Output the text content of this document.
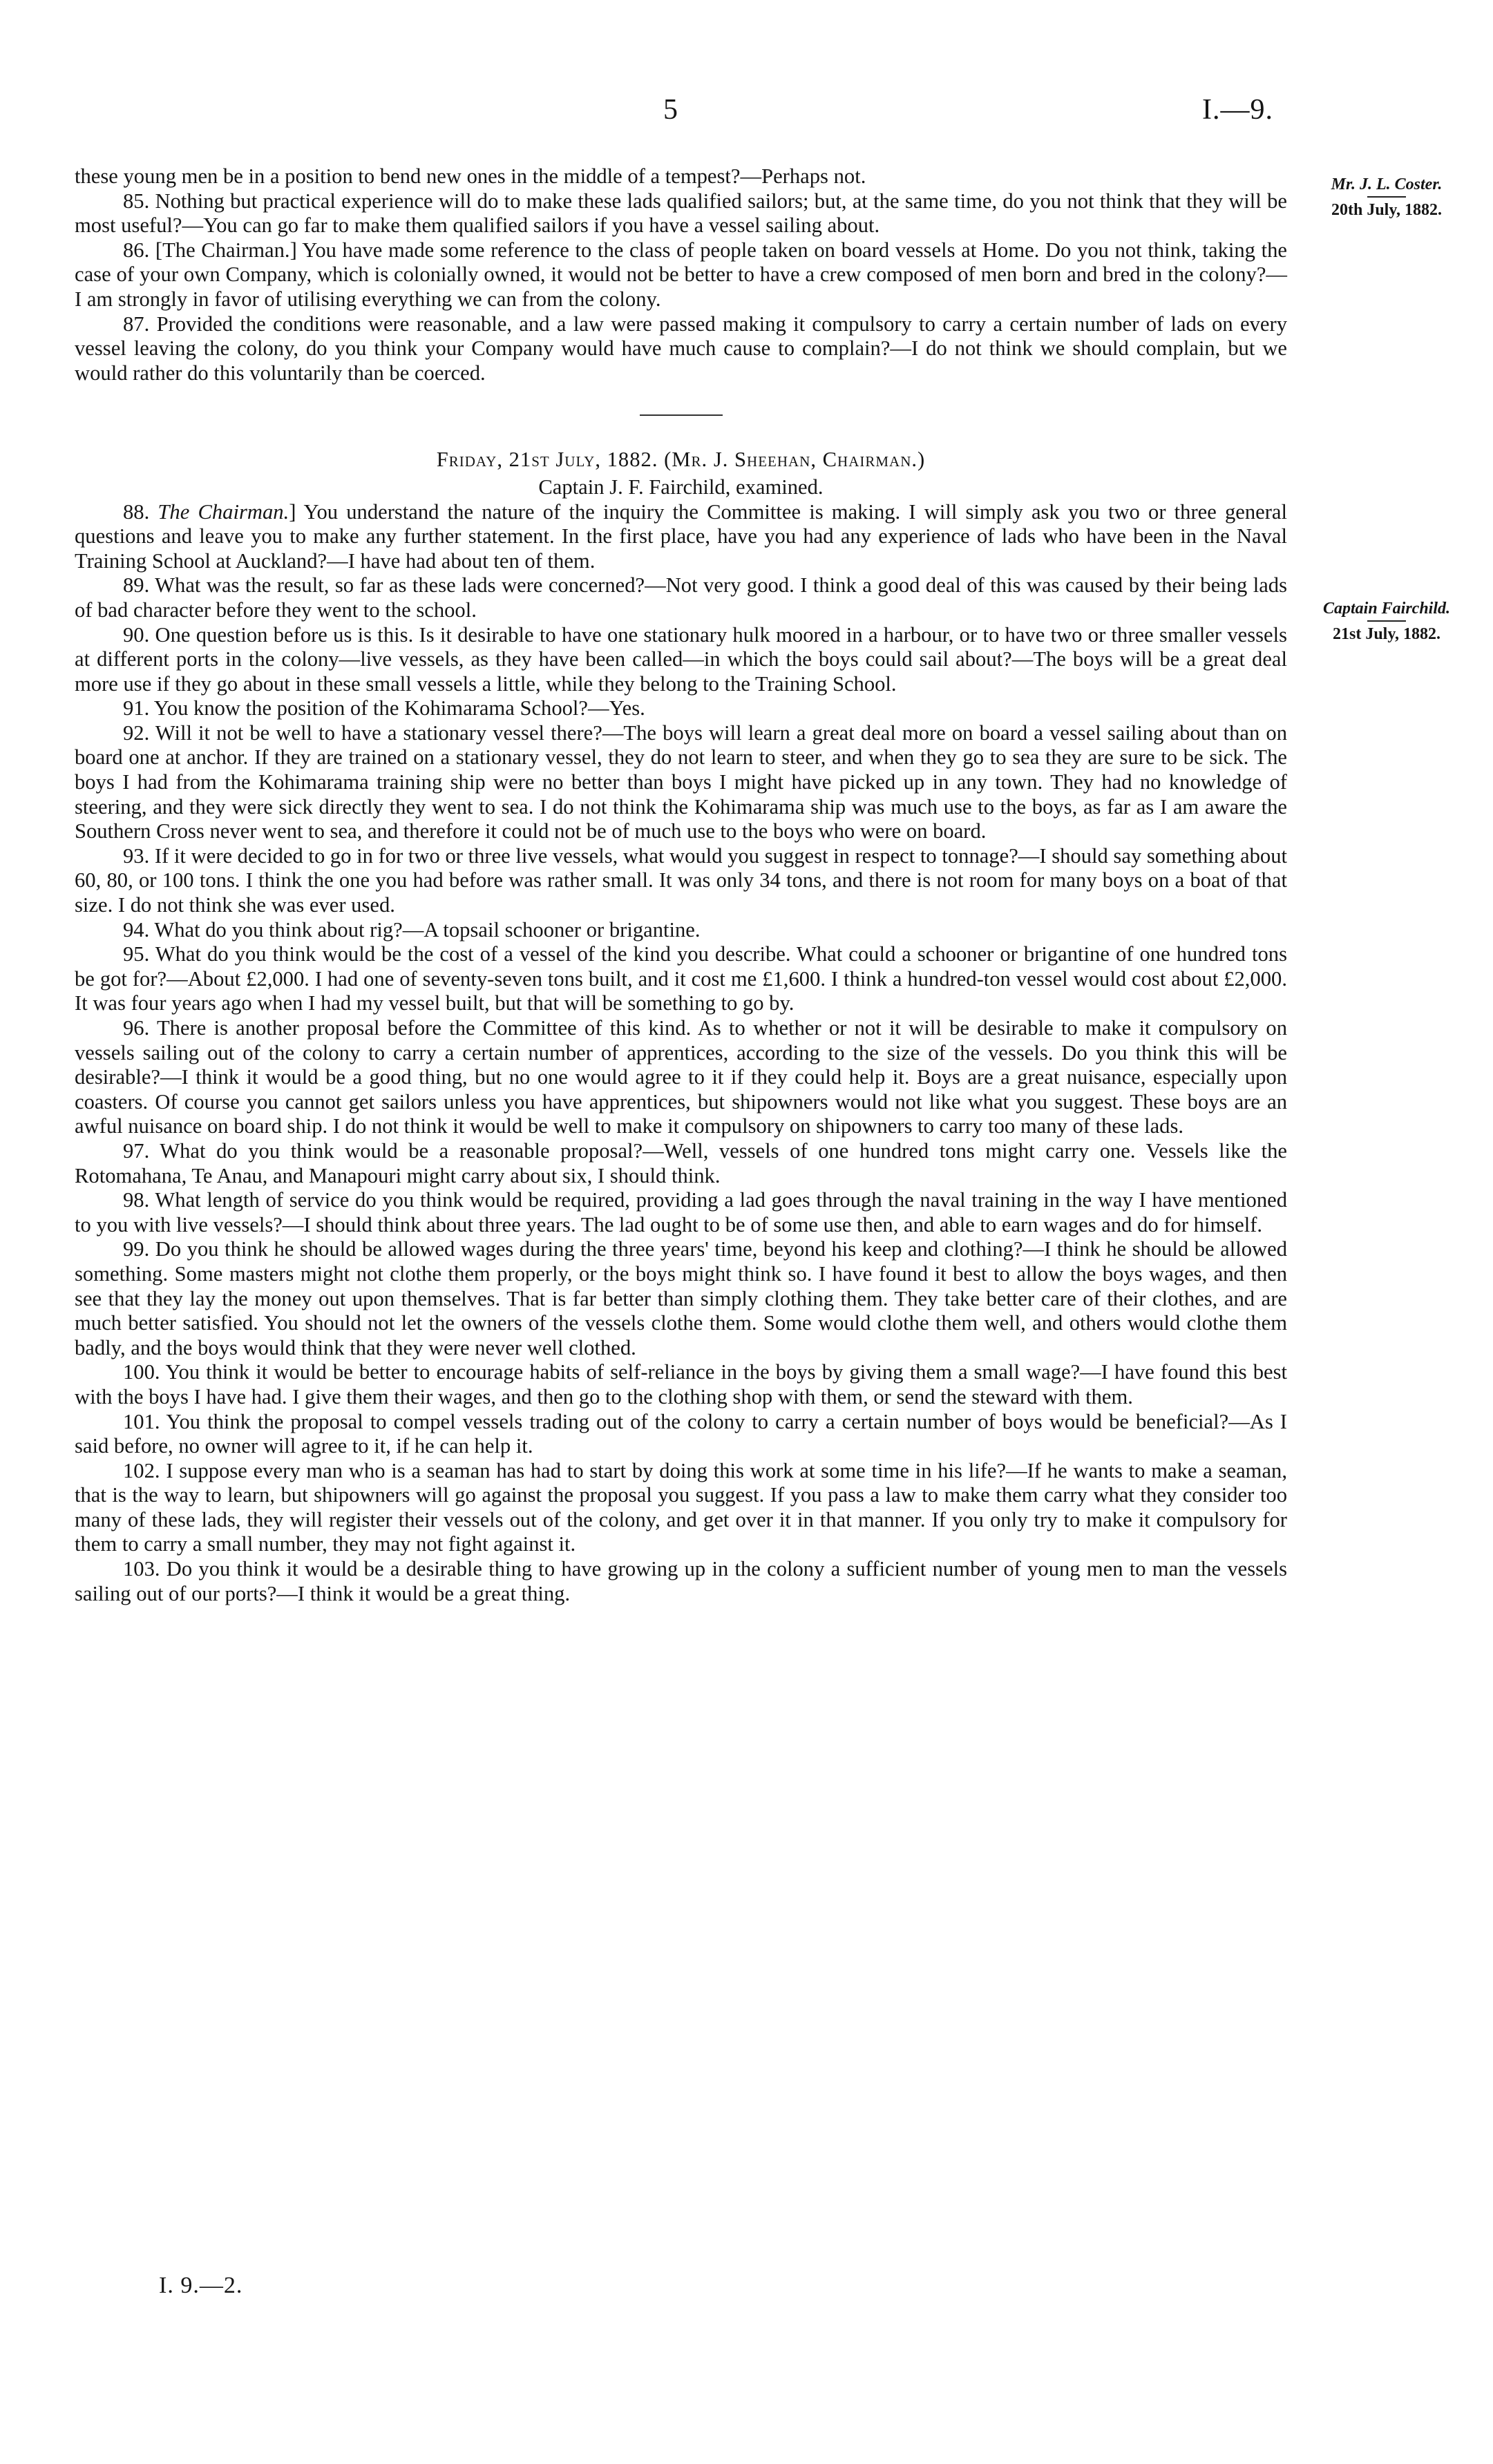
5	I.—9.
Mr. J. L. Coster.
20th July, 1882.
Captain Fairchild.
21st July, 1882.

these young men be in a position to bend new ones in the middle of a tempest?—Perhaps not.

85. Nothing but practical experience will do to make these lads qualified sailors; but, at the same time, do you not think that they will be most useful?—You can go far to make them qualified sailors if you have a vessel sailing about.

86. [The Chairman.] You have made some reference to the class of people taken on board vessels at Home. Do you not think, taking the case of your own Company, which is colonially owned, it would not be better to have a crew composed of men born and bred in the colony?—I am strongly in favor of utilising everything we can from the colony.

87. Provided the conditions were reasonable, and a law were passed making it compulsory to carry a certain number of lads on every vessel leaving the colony, do you think your Company would have much cause to complain?—I do not think we should complain, but we would rather do this voluntarily than be coerced.

Friday, 21st July, 1882. (Mr. J. Sheehan, Chairman.)

Captain J. F. Fairchild, examined.

88. The Chairman.] You understand the nature of the inquiry the Committee is making. I will simply ask you two or three general questions and leave you to make any further statement. In the first place, have you had any experience of lads who have been in the Naval Training School at Auckland?—I have had about ten of them.

89. What was the result, so far as these lads were concerned?—Not very good. I think a good deal of this was caused by their being lads of bad character before they went to the school.

90. One question before us is this. Is it desirable to have one stationary hulk moored in a harbour, or to have two or three smaller vessels at different ports in the colony—live vessels, as they have been called—in which the boys could sail about?—The boys will be a great deal more use if they go about in these small vessels a little, while they belong to the Training School.

91. You know the position of the Kohimarama School?—Yes.

92. Will it not be well to have a stationary vessel there?—The boys will learn a great deal more on board a vessel sailing about than on board one at anchor. If they are trained on a stationary vessel, they do not learn to steer, and when they go to sea they are sure to be sick. The boys I had from the Kohimarama training ship were no better than boys I might have picked up in any town. They had no knowledge of steering, and they were sick directly they went to sea. I do not think the Kohimarama ship was much use to the boys, as far as I am aware the Southern Cross never went to sea, and therefore it could not be of much use to the boys who were on board.

93. If it were decided to go in for two or three live vessels, what would you suggest in respect to tonnage?—I should say something about 60, 80, or 100 tons. I think the one you had before was rather small. It was only 34 tons, and there is not room for many boys on a boat of that size. I do not think she was ever used.

94. What do you think about rig?—A topsail schooner or brigantine.

95. What do you think would be the cost of a vessel of the kind you describe. What could a schooner or brigantine of one hundred tons be got for?—About £2,000. I had one of seventy-seven tons built, and it cost me £1,600. I think a hundred-ton vessel would cost about £2,000. It was four years ago when I had my vessel built, but that will be something to go by.

96. There is another proposal before the Committee of this kind. As to whether or not it will be desirable to make it compulsory on vessels sailing out of the colony to carry a certain number of apprentices, according to the size of the vessels. Do you think this will be desirable?—I think it would be a good thing, but no one would agree to it if they could help it. Boys are a great nuisance, especially upon coasters. Of course you cannot get sailors unless you have apprentices, but shipowners would not like what you suggest. These boys are an awful nuisance on board ship. I do not think it would be well to make it compulsory on shipowners to carry too many of these lads.

97. What do you think would be a reasonable proposal?—Well, vessels of one hundred tons might carry one. Vessels like the Rotomahana, Te Anau, and Manapouri might carry about six, I should think.

98. What length of service do you think would be required, providing a lad goes through the naval training in the way I have mentioned to you with live vessels?—I should think about three years. The lad ought to be of some use then, and able to earn wages and do for himself.

99. Do you think he should be allowed wages during the three years' time, beyond his keep and clothing?—I think he should be allowed something. Some masters might not clothe them properly, or the boys might think so. I have found it best to allow the boys wages, and then see that they lay the money out upon themselves. That is far better than simply clothing them. They take better care of their clothes, and are much better satisfied. You should not let the owners of the vessels clothe them. Some would clothe them well, and others would clothe them badly, and the boys would think that they were never well clothed.

100. You think it would be better to encourage habits of self-reliance in the boys by giving them a small wage?—I have found this best with the boys I have had. I give them their wages, and then go to the clothing shop with them, or send the steward with them.

101. You think the proposal to compel vessels trading out of the colony to carry a certain number of boys would be beneficial?—As I said before, no owner will agree to it, if he can help it.

102. I suppose every man who is a seaman has had to start by doing this work at some time in his life?—If he wants to make a seaman, that is the way to learn, but shipowners will go against the proposal you suggest. If you pass a law to make them carry what they consider too many of these lads, they will register their vessels out of the colony, and get over it in that manner. If you only try to make it compulsory for them to carry a small number, they may not fight against it.

103. Do you think it would be a desirable thing to have growing up in the colony a sufficient number of young men to man the vessels sailing out of our ports?—I think it would be a great thing.

I. 9.—2.
